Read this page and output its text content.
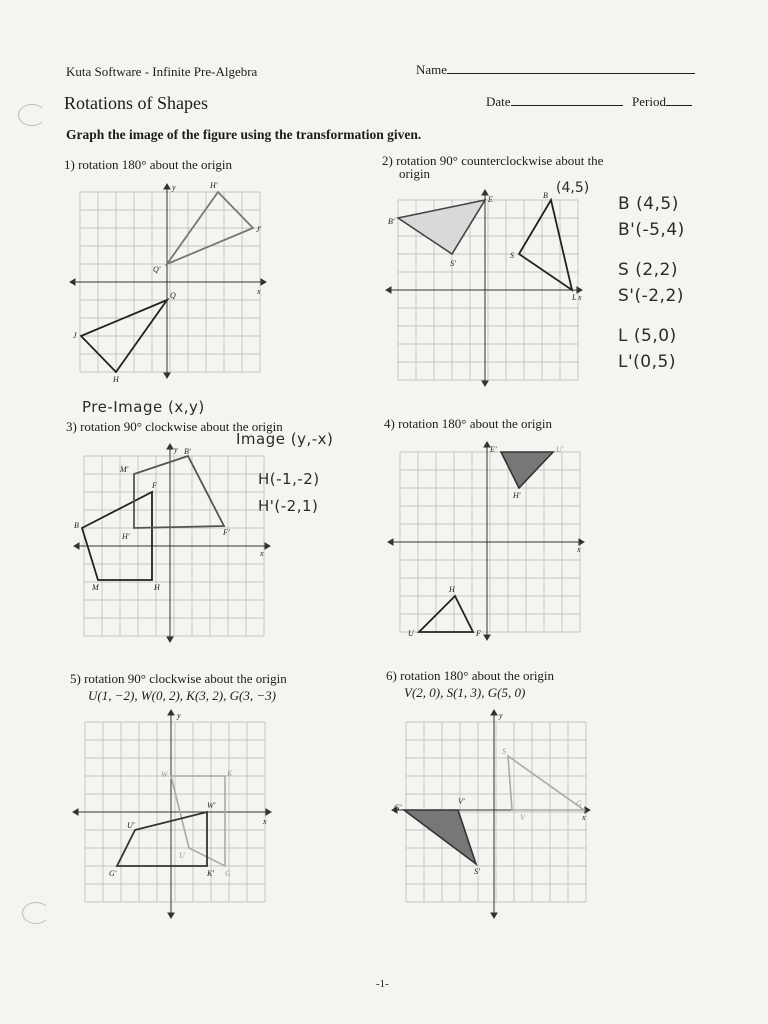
Kuta Software - Infinite Pre-Algebra	Name
Rotations of Shapes	Date	Period
Graph the image of the figure using the transformation given.
1) rotation 180° about the origin	2) rotation 90° counterclockwise about the
origin
3) rotation 90° clockwise about the origin	4) rotation 180° about the origin
5) rotation 90° clockwise about the origin
U(1, −2), W(0, 2), K(3, 2), G(3, −3)
6) rotation 180° about the origin
V(2, 0), S(1, 3), G(5, 0)
B (4,5)
B'(-5,4)
S (2,2)
S'(-2,2)
L (5,0)
L'(0,5)
Pre-Image (x,y)
Image (y,-x)
H(-1,-2)
H'(-2,1)
-1-
y	H'
J'
Q'
Q
J
H
x
E	B (4,5)
B'
S'
S
L x
y B'
M'
F
B
H'	F'
M	H
x
E'	U'
H'
H
U	F
x
y
W	K
W'
U'
U
G'	K' G
x
y
S
G'
V'
V
G
S'
x
